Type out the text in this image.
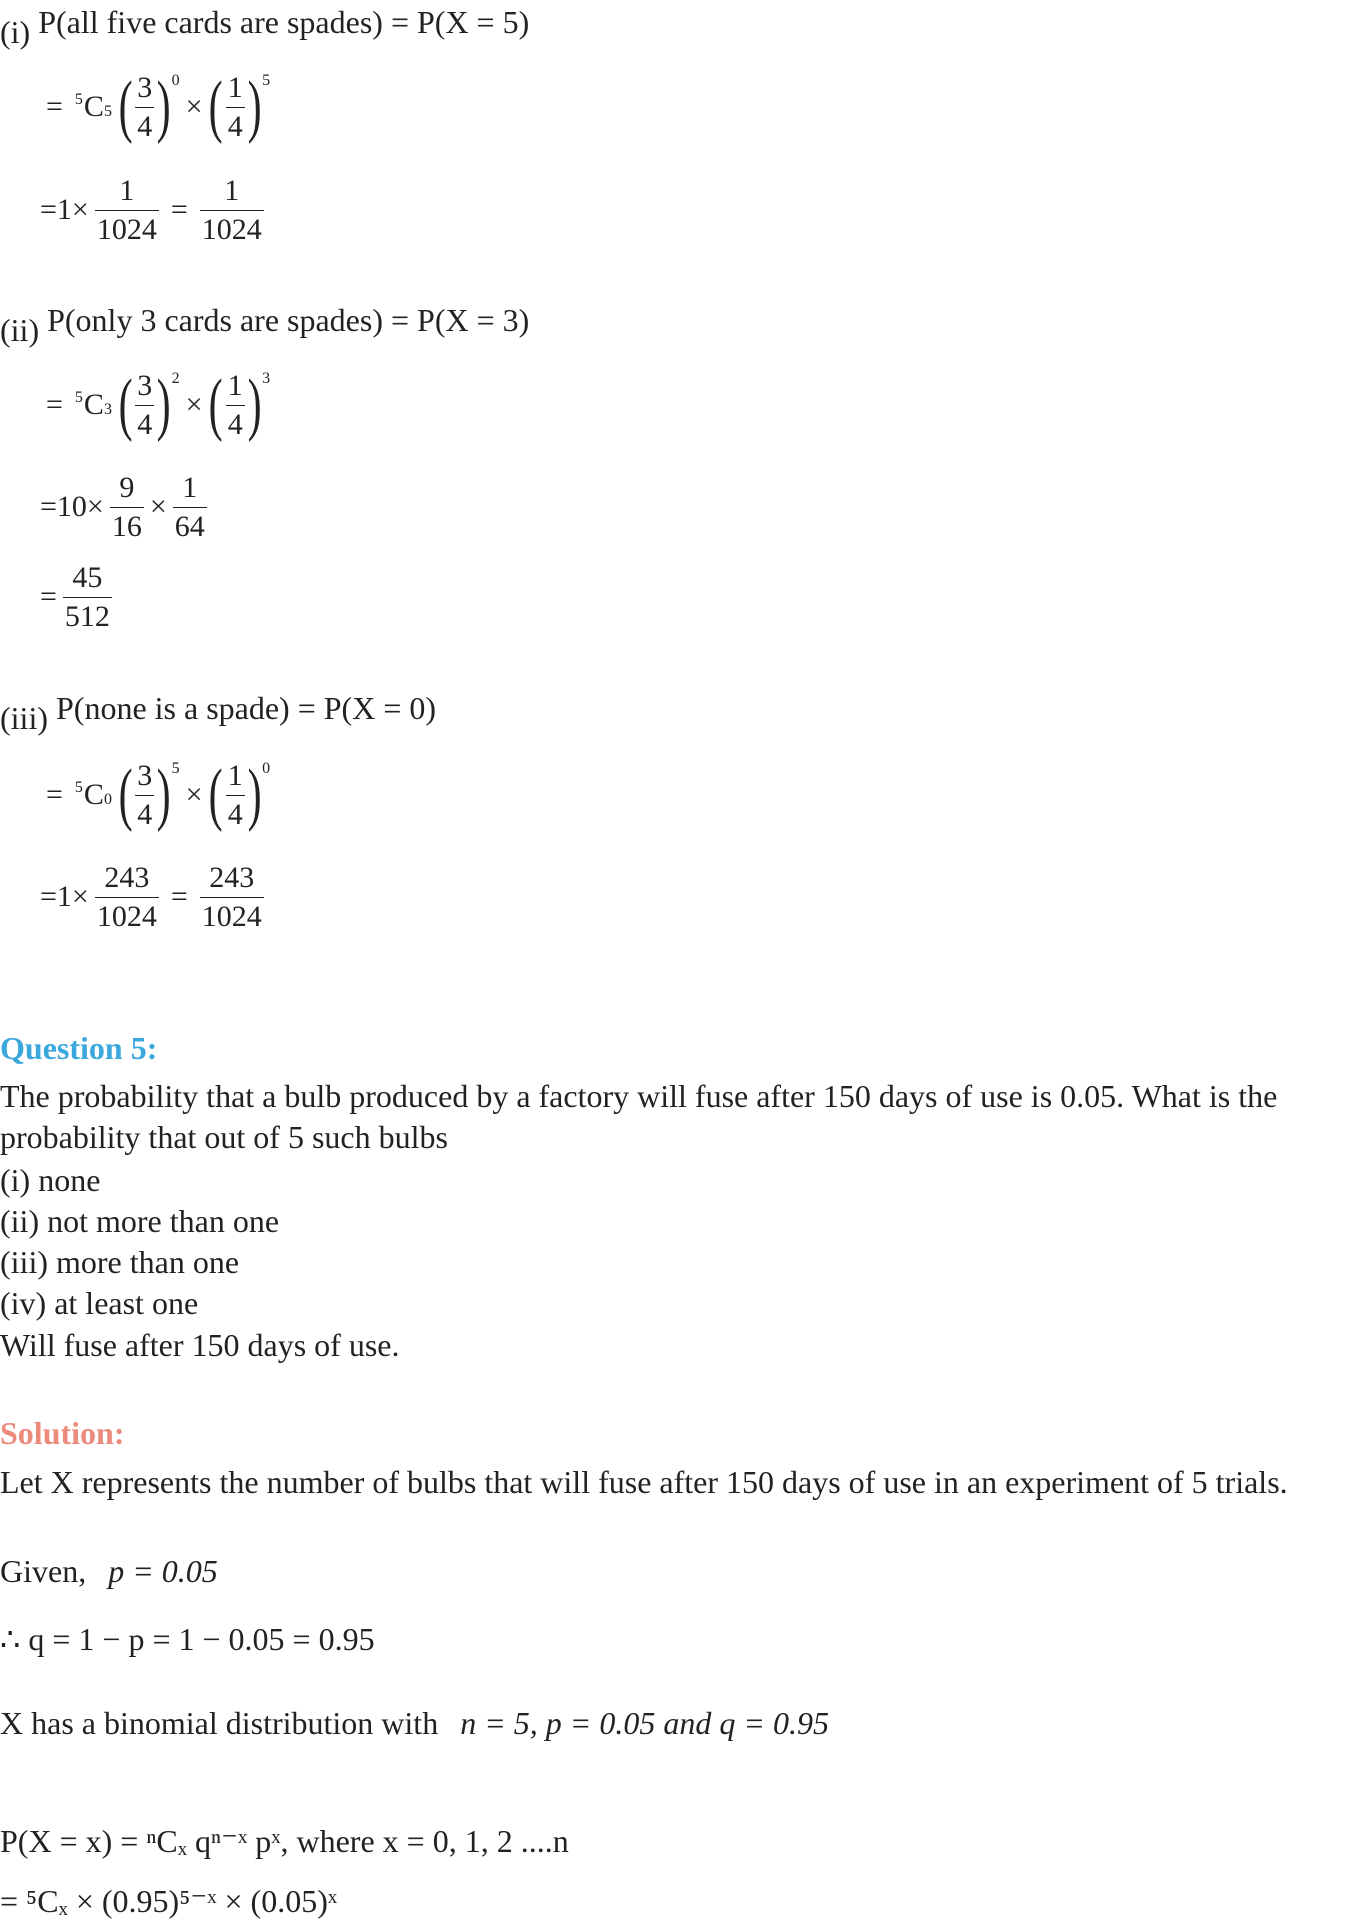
(i) P(all five cards are spades) = P(X = 5)
= 5 $C_5$ ( $\frac{3}{4} )^0$
× ( $\frac{1}{4} )^5$
$=1\times \frac{1}{1024} = \frac{1}{1024}$
(ii) P(only 3 cards are spades) = P(X = 3)
= 5 $C_3$ ( $\frac{3}{4} )^2$
× ( $\frac{1}{4} )^3$
$=10\times \frac{9}{16} \times \frac{1}{64}$
= $\frac{45}{512}$
(iii) P(none is a spade) = P(X = 0)
= 5 $C_0$ ( $\frac{3}{4} )^5$
× ( $\frac{1}{4} )^0$
$=1\times \frac{243}{1024} = \frac{243}{1024}$
Question 5:
The probability that a bulb produced by a factory will fuse after 150 days of use is 0.05. What is the probability that out of 5 such bulbs
(i) none
(ii) not more than one
(iii) more than one
(iv) at least one
Will fuse after 150 days of use.
Solution:
Let X represents the number of bulbs that will fuse after 150 days of use in an experiment of 5 trials.
Given, p = 0.05
∴ q = 1 − p = 1 − 0.05 = 0.95
X has a binomial distribution with n = 5, p = 0.05 and q = 0.95
P(X = x) = ⁿCₓ qⁿ⁻ˣ pˣ, where x = 0, 1, 2 ....n
= ⁵Cₓ × (0.95)⁵⁻ˣ × (0.05)ˣ
